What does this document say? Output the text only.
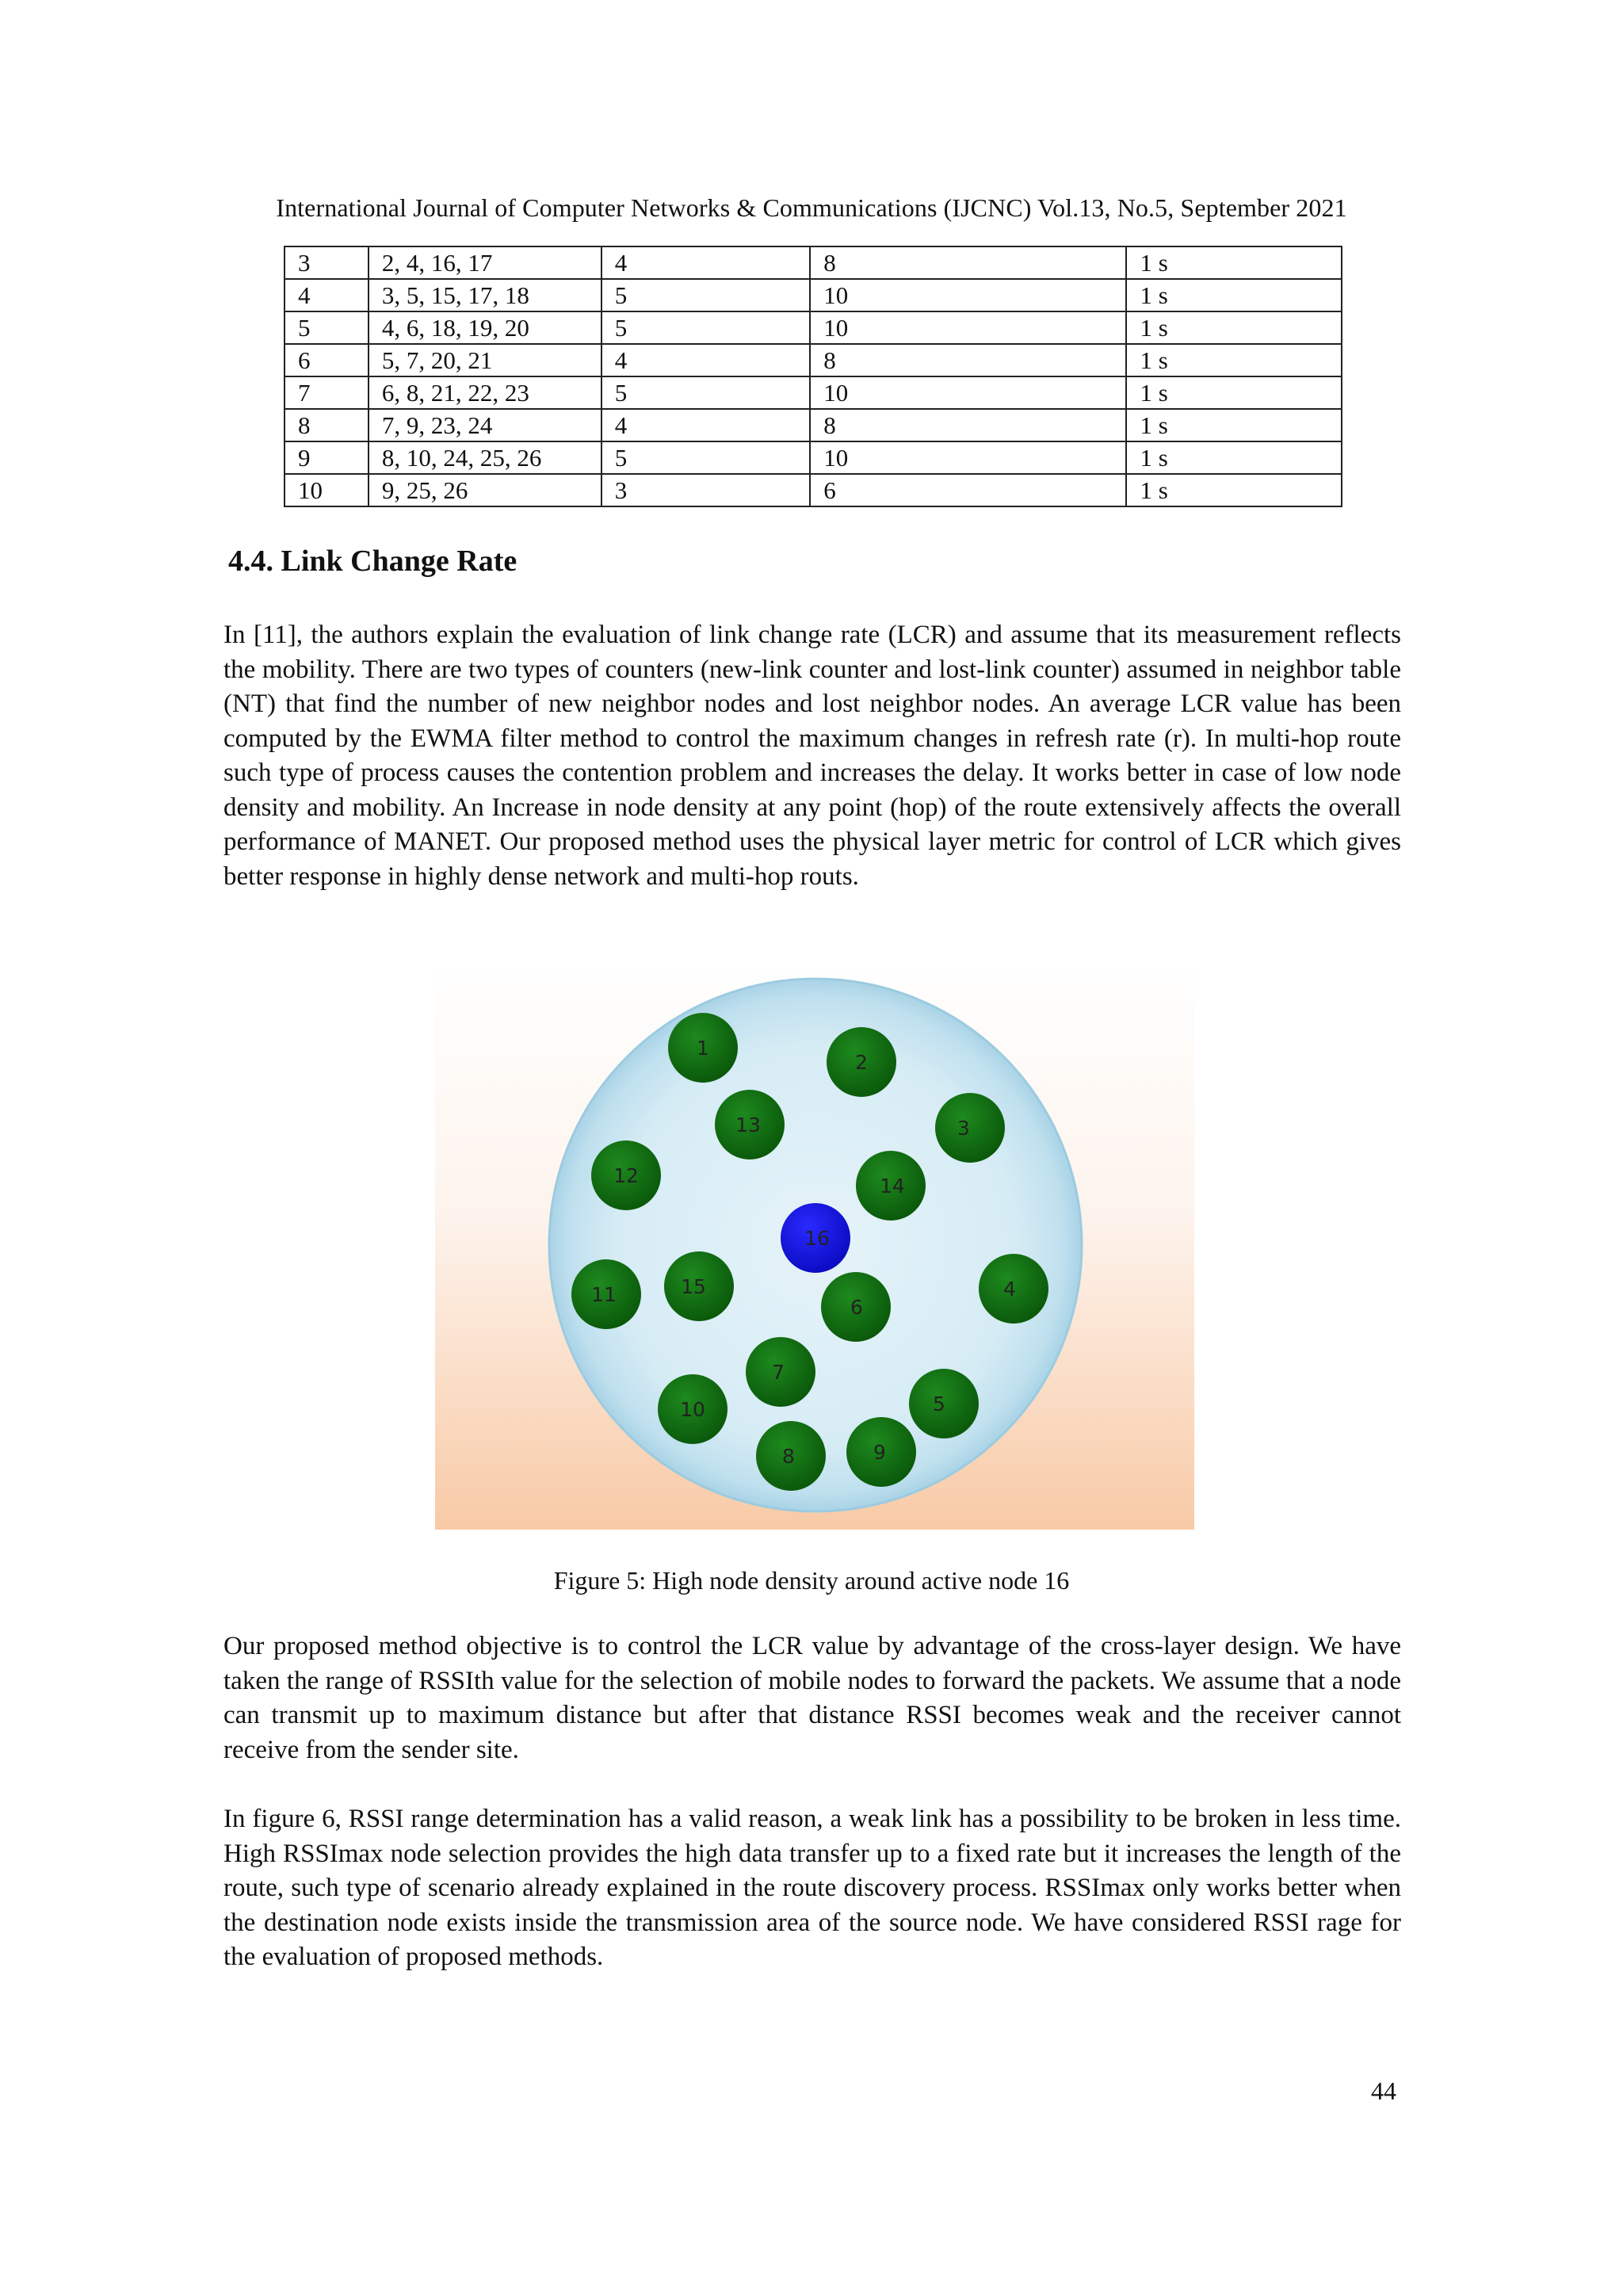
International Journal of Computer Networks & Communications (IJCNC) Vol.13, No.5, September 2021
3	2, 4, 16, 17	4	8	1 s
4	3, 5, 15, 17, 18	5	10	1 s
5	4, 6, 18, 19, 20	5	10	1 s
6	5, 7, 20, 21	4	8	1 s
7	6, 8, 21, 22, 23	5	10	1 s
8	7, 9, 23, 24	4	8	1 s
9	8, 10, 24, 25, 26	5	10	1 s
10	9, 25, 26	3	6	1 s
4.4. Link Change Rate

In [11], the authors explain the evaluation of link change rate (LCR) and assume that its measurement reflects the mobility. There are two types of counters (new-link counter and lost-link counter) assumed in neighbor table (NT) that find the number of new neighbor nodes and lost neighbor nodes. An average LCR value has been computed by the EWMA filter method to control the maximum changes in refresh rate (r). In multi-hop route such type of process causes the contention problem and increases the delay. It works better in case of low node density and mobility. An Increase in node density at any point (hop) of the route extensively affects the overall performance of MANET. Our proposed method uses the physical layer metric for control of LCR which gives better response in highly dense network and multi-hop routs.

1
2
3
13
12	14
16
11	15	4
6
7
10	5
8	9
Figure 5: High node density around active node 16

Our proposed method objective is to control the LCR value by advantage of the cross-layer design. We have taken the range of RSSIth value for the selection of mobile nodes to forward the packets. We assume that a node can transmit up to maximum distance but after that distance RSSI becomes weak and the receiver cannot receive from the sender site.

In figure 6, RSSI range determination has a valid reason, a weak link has a possibility to be broken in less time. High RSSImax node selection provides the high data transfer up to a fixed rate but it increases the length of the route, such type of scenario already explained in the route discovery process. RSSImax only works better when the destination node exists inside the transmission area of the source node. We have considered RSSI rage for the evaluation of proposed methods.

44
